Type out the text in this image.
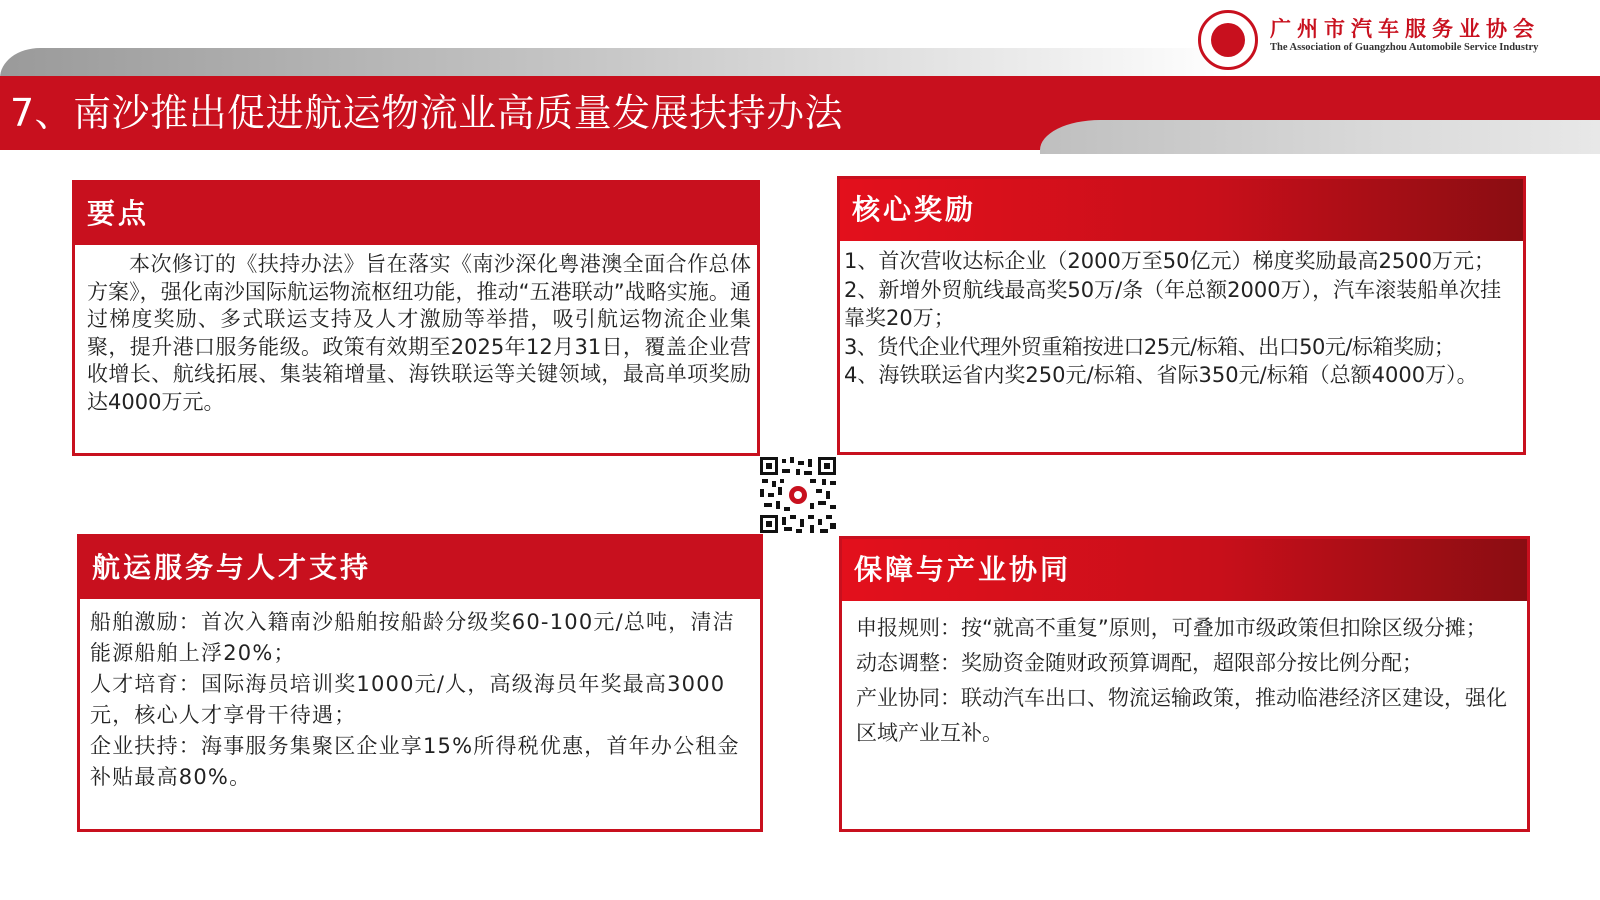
7、南沙推出促进航运物流业高质量发展扶持办法
广州市汽车服务业协会
The Association of Guangzhou Automobile Service Industry
要点
本次修订的《扶持办法》旨在落实《南沙深化粤港澳全面合作总体方案》，强化南沙国际航运物流枢纽功能，推动“五港联动”战略实施。通过梯度奖励、多式联运支持及人才激励等举措，吸引航运物流企业集聚，提升港口服务能级。政策有效期至2025年12月31日，覆盖企业营收增长、航线拓展、集装箱增量、海铁联运等关键领域，最高单项奖励达4000万元。
核心奖励
1、首次营收达标企业（2000万至50亿元）梯度奖励最高2500万元；
2、新增外贸航线最高奖50万/条（年总额2000万），汽车滚装船单次挂靠奖20万；
3、货代企业代理外贸重箱按进口25元/标箱、出口50元/标箱奖励；
4、海铁联运省内奖250元/标箱、省际350元/标箱（总额4000万）。
航运服务与人才支持
船舶激励：首次入籍南沙船舶按船龄分级奖60-100元/总吨，清洁能源船舶上浮20%；
人才培育：国际海员培训奖1000元/人，高级海员年奖最高3000元，核心人才享骨干待遇；
企业扶持：海事服务集聚区企业享15%所得税优惠，首年办公租金补贴最高80%。
保障与产业协同
申报规则：按“就高不重复”原则，可叠加市级政策但扣除区级分摊；
动态调整：奖励资金随财政预算调配，超限部分按比例分配；
产业协同：联动汽车出口、物流运输政策，推动临港经济区建设，强化区域产业互补。
